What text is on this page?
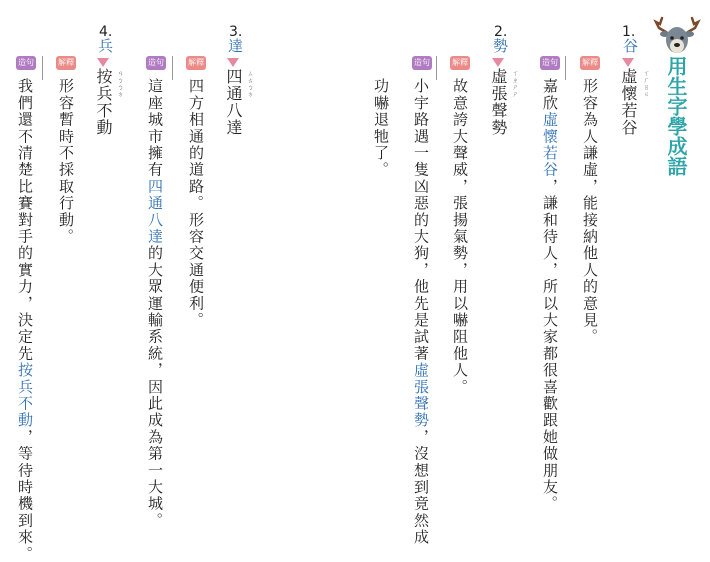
用生字學成語
1.
谷
虛懷若谷 ㄒㄏㄖㄍ
解釋
形容為人謙虛，能接納他人的意見。
造句
嘉欣虛懷若谷，謙和待人，所以大家都很喜歡跟她做朋友。
2.
勢
虛張聲勢 ㄒㄓㄕㄕ
解釋
故意誇大聲威，張揚氣勢，用以嚇阻他人。
造句
小宇路遇一隻凶惡的大狗，他先是試著虛張聲勢，沒想到竟然成
功嚇退牠了。
3.
達
四通八達 ㄙㄊㄅㄉ
解釋
四方相通的道路。形容交通便利。
造句
這座城市擁有四通八達的大眾運輸系統，因此成為第一大城。
4.
兵
按兵不動 ㄢㄅㄅㄉ
解釋
形容暫時不採取行動。
造句
我們還不清楚比賽對手的實力，決定先按兵不動，等待時機到來。
